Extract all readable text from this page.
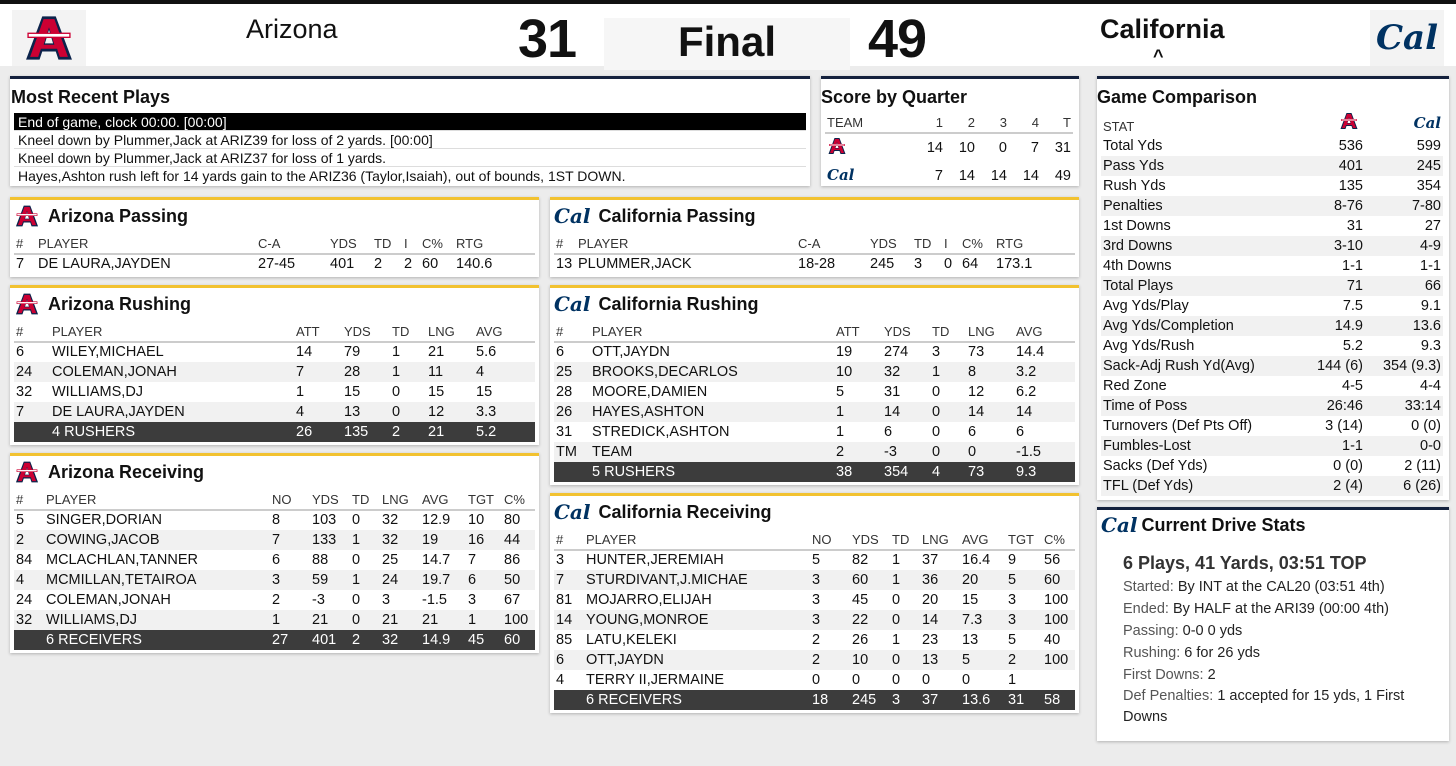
Arizona	31	Final	49	California
^	Cal
Most Recent Plays
End of game, clock 00:00. [00:00]
Kneel down by Plummer,Jack at ARIZ39 for loss of 2 yards. [00:00]
Kneel down by Plummer,Jack at ARIZ37 for loss of 1 yards.
Hayes,Ashton rush left for 14 yards gain to the ARIZ36 (Taylor,Isaiah), out of bounds, 1ST DOWN.
Score by Quarter
TEAM	1	2	3	4	T
	14	10	0	7	31
Cal	7	14	14	14	49
Game Comparison
STAT		Cal
Total Yds	536	599
Pass Yds	401	245
Rush Yds	135	354
Penalties	8-76	7-80
1st Downs	31	27
3rd Downs	3-10	4-9
4th Downs	1-1	1-1
Total Plays	71	66
Avg Yds/Play	7.5	9.1
Avg Yds/Completion	14.9	13.6
Avg Yds/Rush	5.2	9.3
Sack-Adj Rush Yd(Avg)	144 (6)	354 (9.3)
Red Zone	4-5	4-4
Time of Poss	26:46	33:14
Turnovers (Def Pts Off)	3 (14)	0 (0)
Fumbles-Lost	1-1	0-0
Sacks (Def Yds)	0 (0)	2 (11)
TFL (Def Yds)	2 (4)	6 (26)
Cal Current Drive Stats
6 Plays, 41 Yards, 03:51 TOP
Started: By INT at the CAL20 (03:51 4th)
Ended: By HALF at the ARI39 (00:00 4th)
Passing: 0-0 0 yds
Rushing: 6 for 26 yds
First Downs: 2
Def Penalties: 1 accepted for 15 yds, 1 First Downs
Arizona Passing
#	PLAYER	C-A	YDS	TD	I	C%	RTG
7	DE LAURA,JAYDEN	27-45	401	2	2	60	140.6
Cal California Passing
#	PLAYER	C-A	YDS	TD	I	C%	RTG
13	PLUMMER,JACK	18-28	245	3	0	64	173.1
Arizona Rushing
#	PLAYER	ATT	YDS	TD	LNG	AVG
6	WILEY,MICHAEL	14	79	1	21	5.6
24	COLEMAN,JONAH	7	28	1	11	4
32	WILLIAMS,DJ	1	15	0	15	15
7	DE LAURA,JAYDEN	4	13	0	12	3.3
	4 RUSHERS	26	135	2	21	5.2
Cal California Rushing
#	PLAYER	ATT	YDS	TD	LNG	AVG
6	OTT,JAYDN	19	274	3	73	14.4
25	BROOKS,DECARLOS	10	32	1	8	3.2
28	MOORE,DAMIEN	5	31	0	12	6.2
26	HAYES,ASHTON	1	14	0	14	14
31	STREDICK,ASHTON	1	6	0	6	6
TM	TEAM	2	-3	0	0	-1.5
	5 RUSHERS	38	354	4	73	9.3
Arizona Receiving
#	PLAYER	NO	YDS	TD	LNG	AVG	TGT	C%
5	SINGER,DORIAN	8	103	0	32	12.9	10	80
2	COWING,JACOB	7	133	1	32	19	16	44
84	MCLACHLAN,TANNER	6	88	0	25	14.7	7	86
4	MCMILLAN,TETAIROA	3	59	1	24	19.7	6	50
24	COLEMAN,JONAH	2	-3	0	3	-1.5	3	67
32	WILLIAMS,DJ	1	21	0	21	21	1	100
	6 RECEIVERS	27	401	2	32	14.9	45	60
Cal California Receiving
#	PLAYER	NO	YDS	TD	LNG	AVG	TGT	C%
3	HUNTER,JEREMIAH	5	82	1	37	16.4	9	56
7	STURDIVANT,J.MICHAE	3	60	1	36	20	5	60
81	MOJARRO,ELIJAH	3	45	0	20	15	3	100
14	YOUNG,MONROE	3	22	0	14	7.3	3	100
85	LATU,KELEKI	2	26	1	23	13	5	40
6	OTT,JAYDN	2	10	0	13	5	2	100
4	TERRY II,JERMAINE	0	0	0	0	0	1	
	6 RECEIVERS	18	245	3	37	13.6	31	58
